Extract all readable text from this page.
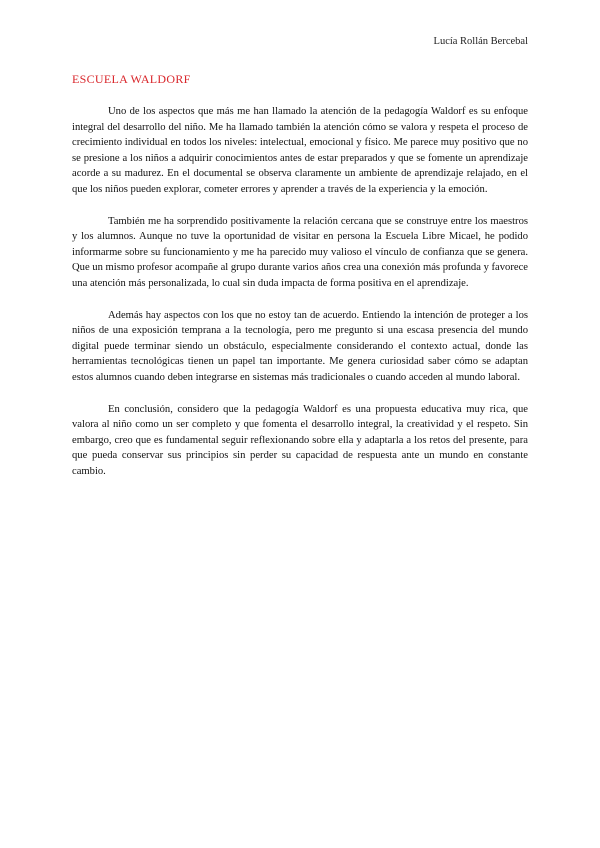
Lucía Rollán Bercebal
ESCUELA WALDORF

Uno de los aspectos que más me han llamado la atención de la pedagogía Waldorf es su enfoque integral del desarrollo del niño. Me ha llamado también la atención cómo se valora y respeta el proceso de crecimiento individual en todos los niveles: intelectual, emocional y físico. Me parece muy positivo que no se presione a los niños a adquirir conocimientos antes de estar preparados y que se fomente un aprendizaje acorde a su madurez. En el documental se observa claramente un ambiente de aprendizaje relajado, en el que los niños pueden explorar, cometer errores y aprender a través de la experiencia y la emoción.

También me ha sorprendido positivamente la relación cercana que se construye entre los maestros y los alumnos. Aunque no tuve la oportunidad de visitar en persona la Escuela Libre Micael, he podido informarme sobre su funcionamiento y me ha parecido muy valioso el vínculo de confianza que se genera. Que un mismo profesor acompañe al grupo durante varios años crea una conexión más profunda y favorece una atención más personalizada, lo cual sin duda impacta de forma positiva en el aprendizaje.

Además hay aspectos con los que no estoy tan de acuerdo. Entiendo la intención de proteger a los niños de una exposición temprana a la tecnología, pero me pregunto si una escasa presencia del mundo digital puede terminar siendo un obstáculo, especialmente considerando el contexto actual, donde las herramientas tecnológicas tienen un papel tan importante. Me genera curiosidad saber cómo se adaptan estos alumnos cuando deben integrarse en sistemas más tradicionales o cuando acceden al mundo laboral.

En conclusión, considero que la pedagogía Waldorf es una propuesta educativa muy rica, que valora al niño como un ser completo y que fomenta el desarrollo integral, la creatividad y el respeto. Sin embargo, creo que es fundamental seguir reflexionando sobre ella y adaptarla a los retos del presente, para que pueda conservar sus principios sin perder su capacidad de respuesta ante un mundo en constante cambio.
